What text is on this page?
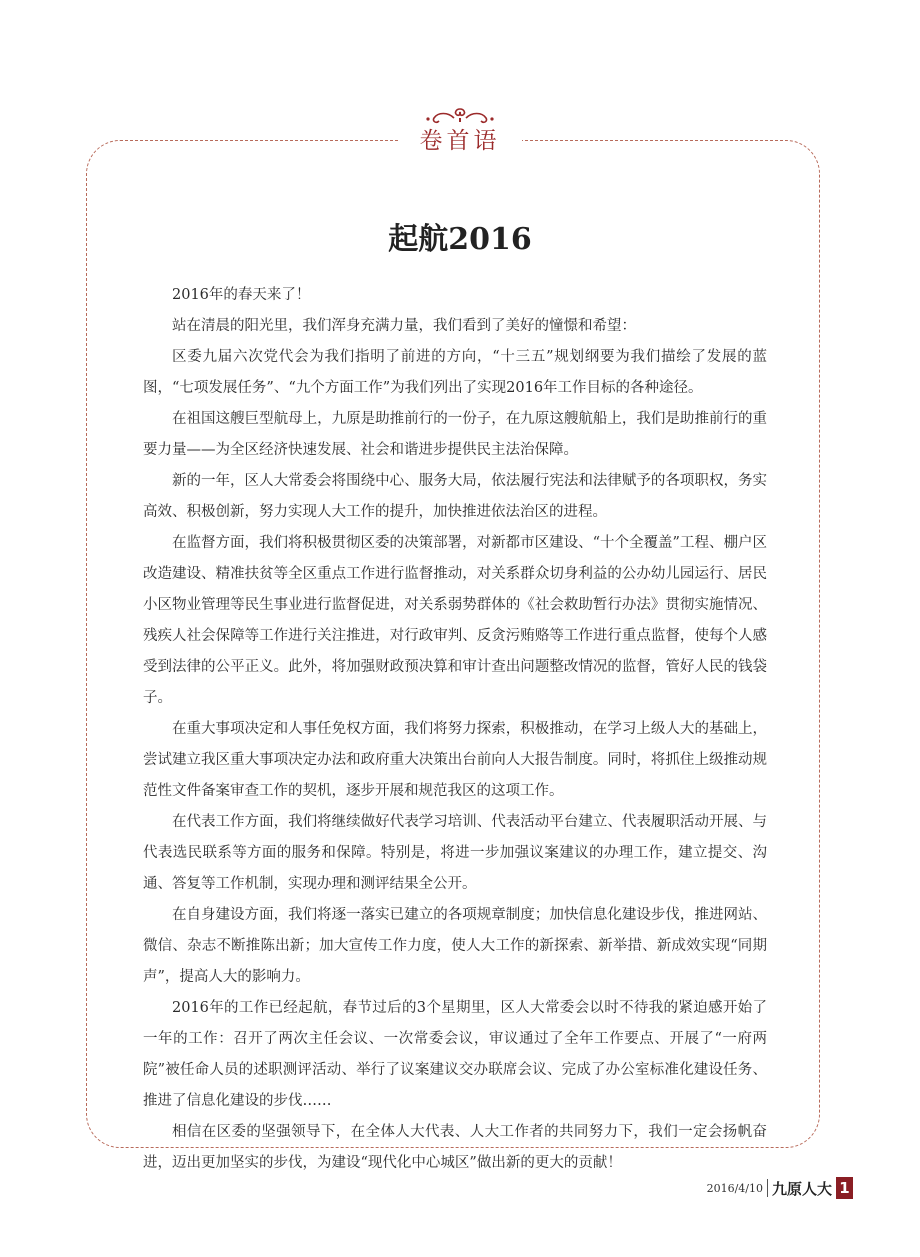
卷首语
起航2016

2016年的春天来了！

站在清晨的阳光里，我们浑身充满力量，我们看到了美好的憧憬和希望：

区委九届六次党代会为我们指明了前进的方向，“十三五”规划纲要为我们描绘了发展的蓝图，“七项发展任务”、“九个方面工作”为我们列出了实现2016年工作目标的各种途径。

在祖国这艘巨型航母上，九原是助推前行的一份子，在九原这艘航船上，我们是助推前行的重要力量——为全区经济快速发展、社会和谐进步提供民主法治保障。

新的一年，区人大常委会将围绕中心、服务大局，依法履行宪法和法律赋予的各项职权，务实高效、积极创新，努力实现人大工作的提升，加快推进依法治区的进程。

在监督方面，我们将积极贯彻区委的决策部署，对新都市区建设、“十个全覆盖”工程、棚户区改造建设、精准扶贫等全区重点工作进行监督推动，对关系群众切身利益的公办幼儿园运行、居民小区物业管理等民生事业进行监督促进，对关系弱势群体的《社会救助暂行办法》贯彻实施情况、残疾人社会保障等工作进行关注推进，对行政审判、反贪污贿赂等工作进行重点监督，使每个人感受到法律的公平正义。此外，将加强财政预决算和审计查出问题整改情况的监督，管好人民的钱袋子。

在重大事项决定和人事任免权方面，我们将努力探索，积极推动，在学习上级人大的基础上，尝试建立我区重大事项决定办法和政府重大决策出台前向人大报告制度。同时，将抓住上级推动规范性文件备案审查工作的契机，逐步开展和规范我区的这项工作。

在代表工作方面，我们将继续做好代表学习培训、代表活动平台建立、代表履职活动开展、与代表选民联系等方面的服务和保障。特别是，将进一步加强议案建议的办理工作，建立提交、沟通、答复等工作机制，实现办理和测评结果全公开。

在自身建设方面，我们将逐一落实已建立的各项规章制度；加快信息化建设步伐，推进网站、微信、杂志不断推陈出新；加大宣传工作力度，使人大工作的新探索、新举措、新成效实现“同期声”，提高人大的影响力。

2016年的工作已经起航，春节过后的3个星期里，区人大常委会以时不待我的紧迫感开始了一年的工作：召开了两次主任会议、一次常委会议，审议通过了全年工作要点、开展了“一府两院”被任命人员的述职测评活动、举行了议案建议交办联席会议、完成了办公室标准化建设任务、推进了信息化建设的步伐……

相信在区委的坚强领导下，在全体人大代表、人大工作者的共同努力下，我们一定会扬帆奋进，迈出更加坚实的步伐，为建设“现代化中心城区”做出新的更大的贡献！

2016/4/10 九原人大 1
